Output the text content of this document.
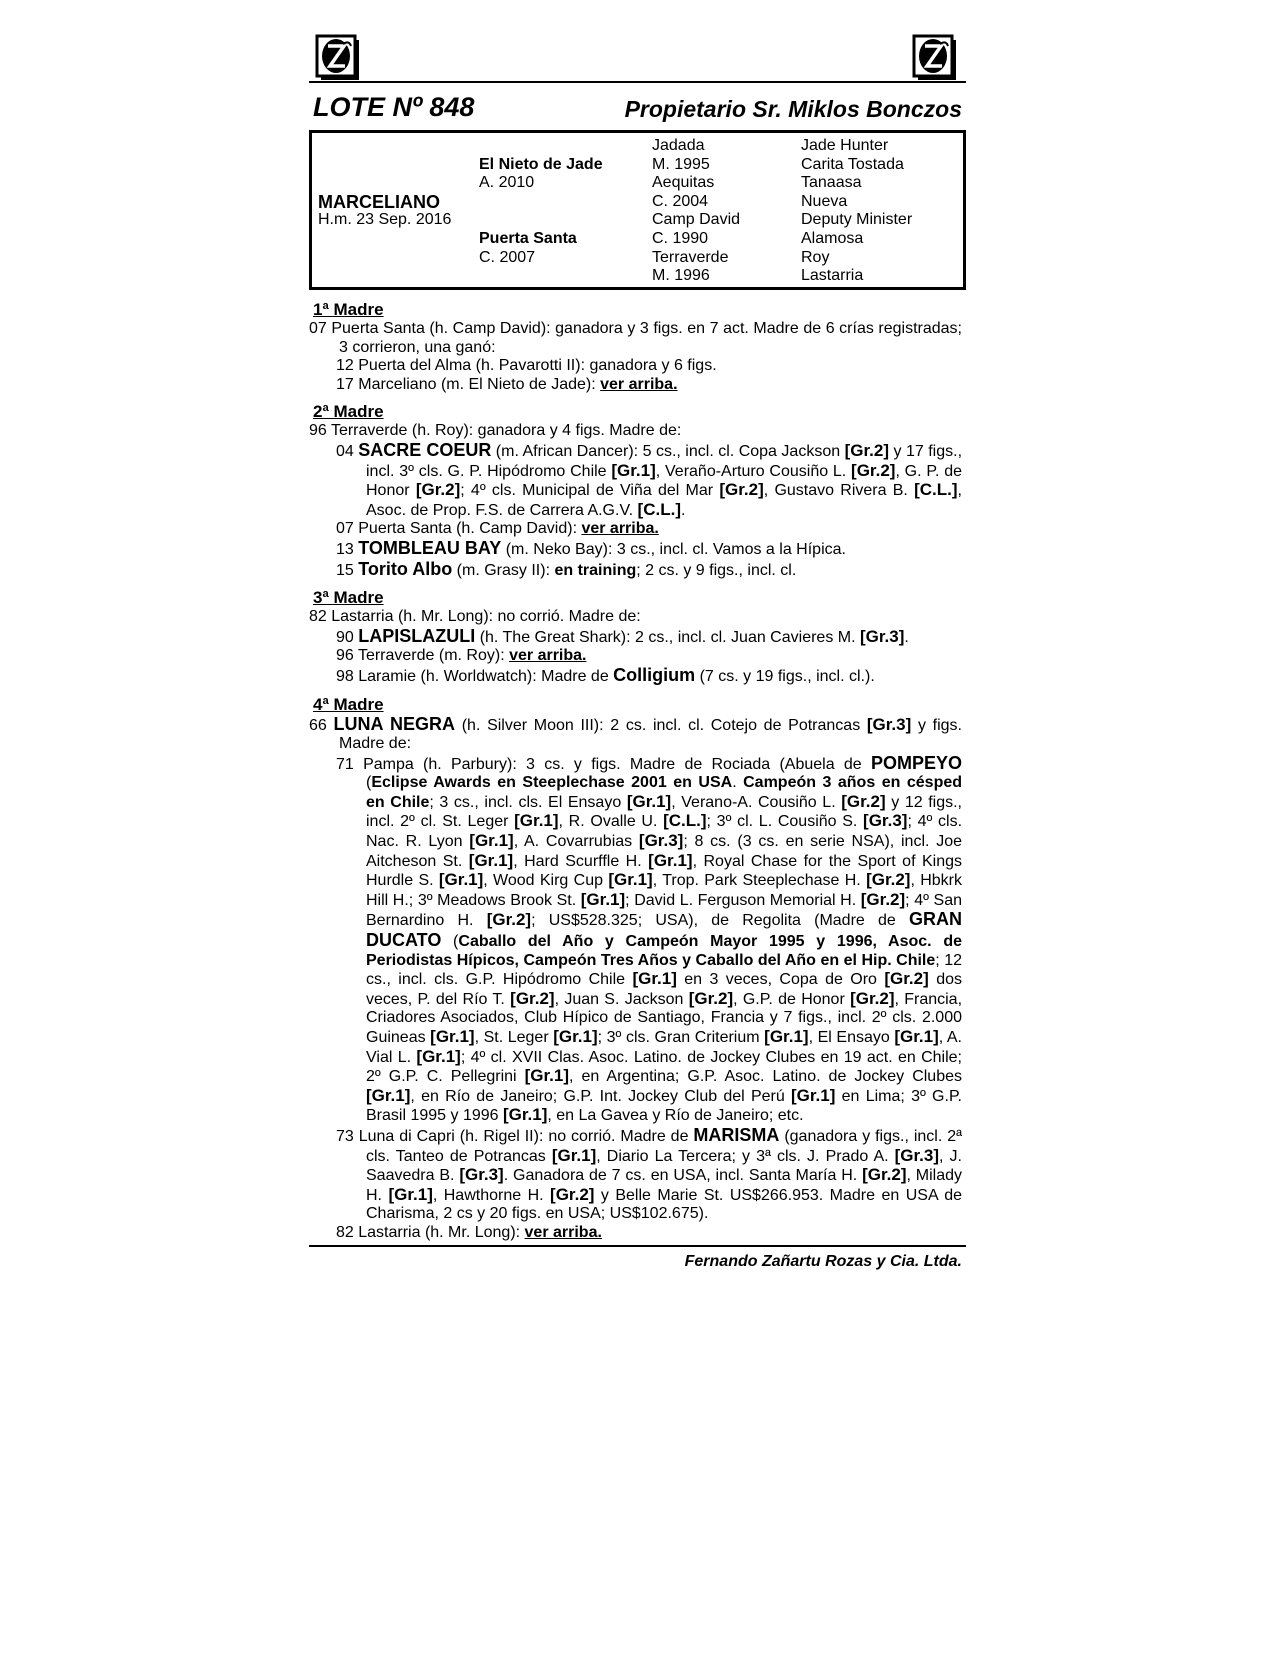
LOTE Nº 848	Propietario Sr. Miklos Bonczos
MARCELIANO
H.m. 23 Sep. 2016
El Nieto de Jade
A. 2010
Puerta Santa
C. 2007
Jadada
M. 1995
Aequitas
C. 2004
Camp David
C. 1990
Terraverde
M. 1996
Jade Hunter
Carita Tostada
Tanaasa
Nueva
Deputy Minister
Alamosa
Roy
Lastarria
1ª Madre
07 Puerta Santa (h. Camp David): ganadora y 3 figs. en 7 act. Madre de 6 crías registradas; 3 corrieron, una ganó:
12 Puerta del Alma (h. Pavarotti II): ganadora y 6 figs.
17 Marceliano (m. El Nieto de Jade): ver arriba.
2ª Madre
96 Terraverde (h. Roy): ganadora y 4 figs. Madre de:
04 SACRE COEUR (m. African Dancer): 5 cs., incl. cl. Copa Jackson [Gr.2] y 17 figs., incl. 3º cls. G. P. Hipódromo Chile [Gr.1], Veraño-Arturo Cousiño L. [Gr.2], G. P. de Honor [Gr.2]; 4º cls. Municipal de Viña del Mar [Gr.2], Gustavo Rivera B. [C.L.], Asoc. de Prop. F.S. de Carrera A.G.V. [C.L.].
07 Puerta Santa (h. Camp David): ver arriba.
13 TOMBLEAU BAY (m. Neko Bay): 3 cs., incl. cl. Vamos a la Hípica.
15 Torito Albo (m. Grasy II): en training; 2 cs. y 9 figs., incl. cl.
3ª Madre
82 Lastarria (h. Mr. Long): no corrió. Madre de:
90 LAPISLAZULI (h. The Great Shark): 2 cs., incl. cl. Juan Cavieres M. [Gr.3].
96 Terraverde (m. Roy): ver arriba.
98 Laramie (h. Worldwatch): Madre de Colligium (7 cs. y 19 figs., incl. cl.).
4ª Madre
66 LUNA NEGRA (h. Silver Moon III): 2 cs. incl. cl. Cotejo de Potrancas [Gr.3] y figs. Madre de:
71 Pampa (h. Parbury): 3 cs. y figs. Madre de Rociada (Abuela de POMPEYO (Eclipse Awards en Steeplechase 2001 en USA. Campeón 3 años en césped en Chile; 3 cs., incl. cls. El Ensayo [Gr.1], Verano-A. Cousiño L. [Gr.2] y 12 figs., incl. 2º cl. St. Leger [Gr.1], R. Ovalle U. [C.L.]; 3º cl. L. Cousiño S. [Gr.3]; 4º cls. Nac. R. Lyon [Gr.1], A. Covarrubias [Gr.3]; 8 cs. (3 cs. en serie NSA), incl. Joe Aitcheson St. [Gr.1], Hard Scurffle H. [Gr.1], Royal Chase for the Sport of Kings Hurdle S. [Gr.1], Wood Kirg Cup [Gr.1], Trop. Park Steeplechase H. [Gr.2], Hbkrk Hill H.; 3º Meadows Brook St. [Gr.1]; David L. Ferguson Memorial H. [Gr.2]; 4º San Bernardino H. [Gr.2]; US$528.325; USA), de Regolita (Madre de GRAN DUCATO (Caballo del Año y Campeón Mayor 1995 y 1996, Asoc. de Periodistas Hípicos, Campeón Tres Años y Caballo del Año en el Hip. Chile; 12 cs., incl. cls. G.P. Hipódromo Chile [Gr.1] en 3 veces, Copa de Oro [Gr.2] dos veces, P. del Río T. [Gr.2], Juan S. Jackson [Gr.2], G.P. de Honor [Gr.2], Francia, Criadores Asociados, Club Hípico de Santiago, Francia y 7 figs., incl. 2º cls. 2.000 Guineas [Gr.1], St. Leger [Gr.1]; 3º cls. Gran Criterium [Gr.1], El Ensayo [Gr.1], A. Vial L. [Gr.1]; 4º cl. XVII Clas. Asoc. Latino. de Jockey Clubes en 19 act. en Chile; 2º G.P. C. Pellegrini [Gr.1], en Argentina; G.P. Asoc. Latino. de Jockey Clubes [Gr.1], en Río de Janeiro; G.P. Int. Jockey Club del Perú [Gr.1] en Lima; 3º G.P. Brasil 1995 y 1996 [Gr.1], en La Gavea y Río de Janeiro; etc.
73 Luna di Capri (h. Rigel II): no corrió. Madre de MARISMA (ganadora y figs., incl. 2ª cls. Tanteo de Potrancas [Gr.1], Diario La Tercera; y 3ª cls. J. Prado A. [Gr.3], J. Saavedra B. [Gr.3]. Ganadora de 7 cs. en USA, incl. Santa María H. [Gr.2], Milady H. [Gr.1], Hawthorne H. [Gr.2] y Belle Marie St. US$266.953. Madre en USA de Charisma, 2 cs y 20 figs. en USA; US$102.675).
82 Lastarria (h. Mr. Long): ver arriba.
Fernando Zañartu Rozas y Cia. Ltda.
